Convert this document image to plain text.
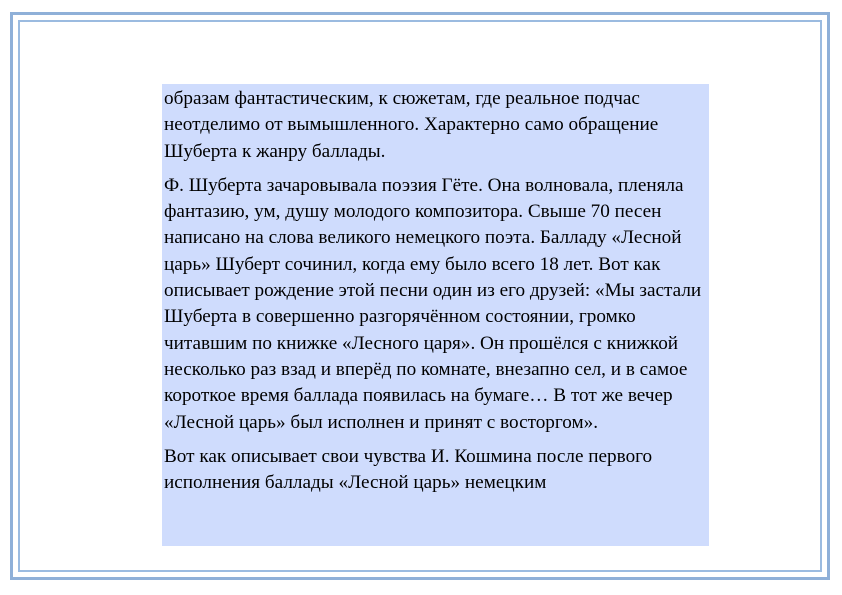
образам фантастическим, к сюжетам, где реальное подчас неотделимо от вымышленного. Характерно само обращение Шуберта к жанру баллады.

Ф. Шуберта зачаровывала поэзия Гёте. Она волновала, пленяла фантазию, ум, душу молодого композитора. Свыше 70 песен написано на слова великого немецкого поэта. Балладу «Лесной царь» Шуберт сочинил, когда ему было всего 18 лет. Вот как описывает рождение этой песни один из его друзей: «Мы застали Шуберта в совершенно разгорячённом состоянии, громко читавшим по книжке «Лесного царя». Он прошёлся с книжкой несколько раз взад и вперёд по комнате, внезапно сел, и в самое короткое время баллада появилась на бумаге… В тот же вечер «Лесной царь» был исполнен и принят с восторгом».

Вот как описывает свои чувства И. Кошмина после первого исполнения баллады «Лесной царь» немецким
